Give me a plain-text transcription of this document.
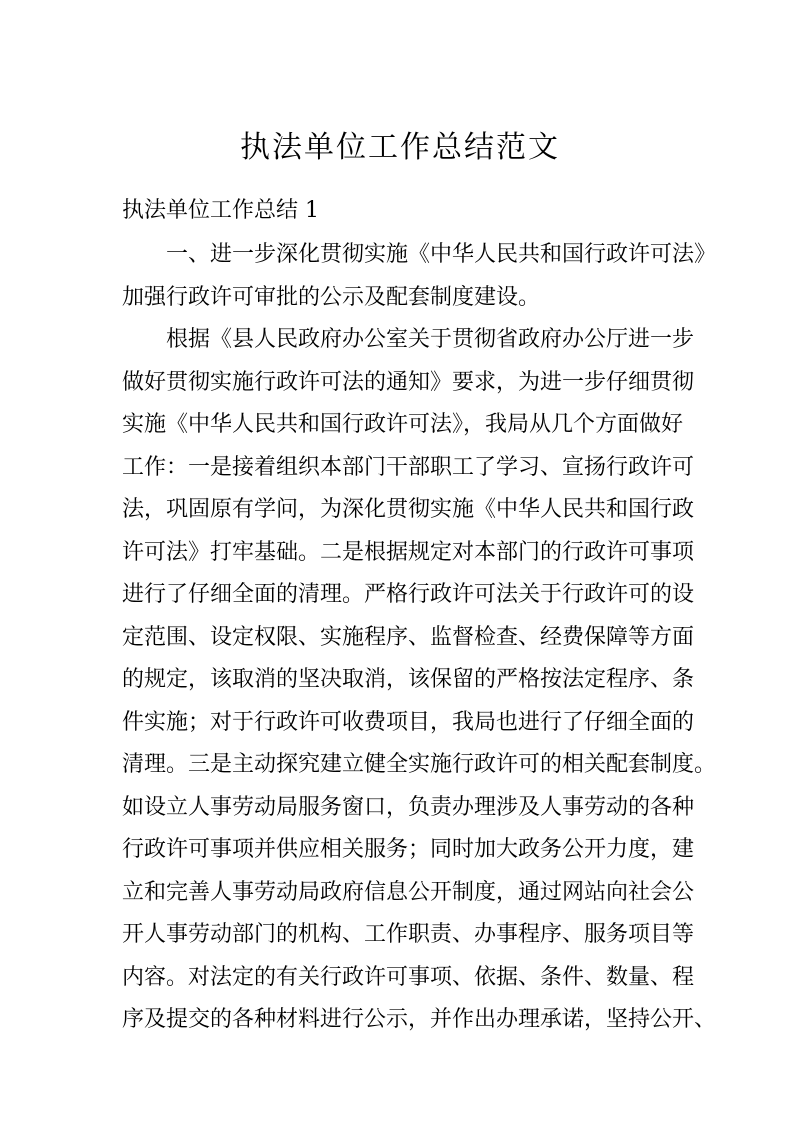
执法单位工作总结范文
执法单位工作总结 1
一、进一步深化贯彻实施《中华人民共和国行政许可法》
加强行政许可审批的公示及配套制度建设。
根据《县人民政府办公室关于贯彻省政府办公厅进一步
做好贯彻实施行政许可法的通知》要求，为进一步仔细贯彻
实施《中华人民共和国行政许可法》，我局从几个方面做好
工作：一是接着组织本部门干部职工了学习、宣扬行政许可
法，巩固原有学问，为深化贯彻实施《中华人民共和国行政
许可法》打牢基础。二是根据规定对本部门的行政许可事项
进行了仔细全面的清理。严格行政许可法关于行政许可的设
定范围、设定权限、实施程序、监督检查、经费保障等方面
的规定，该取消的坚决取消，该保留的严格按法定程序、条
件实施；对于行政许可收费项目，我局也进行了仔细全面的
清理。三是主动探究建立健全实施行政许可的相关配套制度。
如设立人事劳动局服务窗口，负责办理涉及人事劳动的各种
行政许可事项并供应相关服务；同时加大政务公开力度，建
立和完善人事劳动局政府信息公开制度，通过网站向社会公
开人事劳动部门的机构、工作职责、办事程序、服务项目等
内容。对法定的有关行政许可事项、依据、条件、数量、程
序及提交的各种材料进行公示，并作出办理承诺，坚持公开、
